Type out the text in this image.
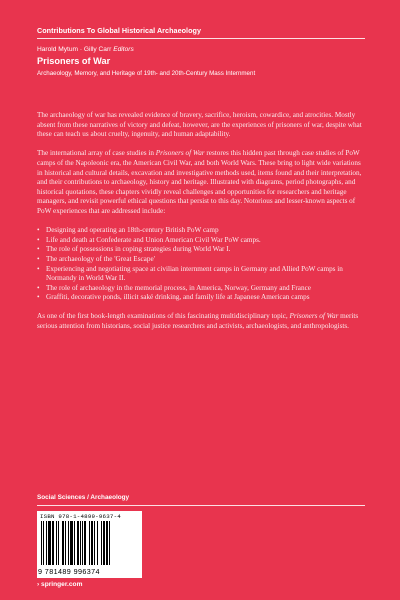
Contributions To Global Historical Archaeology
Harold Mytum · Gilly Carr Editors
Prisoners of War
Archaeology, Memory, and Heritage of 19th- and 20th-Century Mass Internment

The archaeology of war has revealed evidence of bravery, sacrifice, heroism, cowardice, and atrocities. Mostly absent from these narratives of victory and defeat, however, are the experiences of prisoners of war, despite what these can teach us about cruelty, ingenuity, and human adaptability.

The international array of case studies in Prisoners of War restores this hidden past through case studies of PoW camps of the Napoleonic era, the American Civil War, and both World Wars. These bring to light wide variations in historical and cultural details, excavation and investigative methods used, items found and their interpretation, and their contributions to archaeology, history and heritage. Illustrated with diagrams, period photographs, and historical quotations, these chapters vividly reveal challenges and opportunities for researchers and heritage managers, and revisit powerful ethical questions that persist to this day. Notorious and lesser-known aspects of PoW experiences that are addressed include:

• Designing and operating an 18th-century British PoW camp
• Life and death at Confederate and Union American Civil War PoW camps.
• The role of possessions in coping strategies during World War I.
• The archaeology of the 'Great Escape'
• Experiencing and negotiating space at civilian internment camps in Germany and Allied PoW camps in Normandy in World War II.
• The role of archaeology in the memorial process, in America, Norway, Germany and France
• Graffiti, decorative ponds, illicit saké drinking, and family life at Japanese American camps

As one of the first book-length examinations of this fascinating multidisciplinary topic, Prisoners of War merits serious attention from historians, social justice researchers and activists, archaeologists, and anthropologists.

Social Sciences / Archaeology
ISBN 978-1-4899-9637-4
9 781489 996374
› springer.com
